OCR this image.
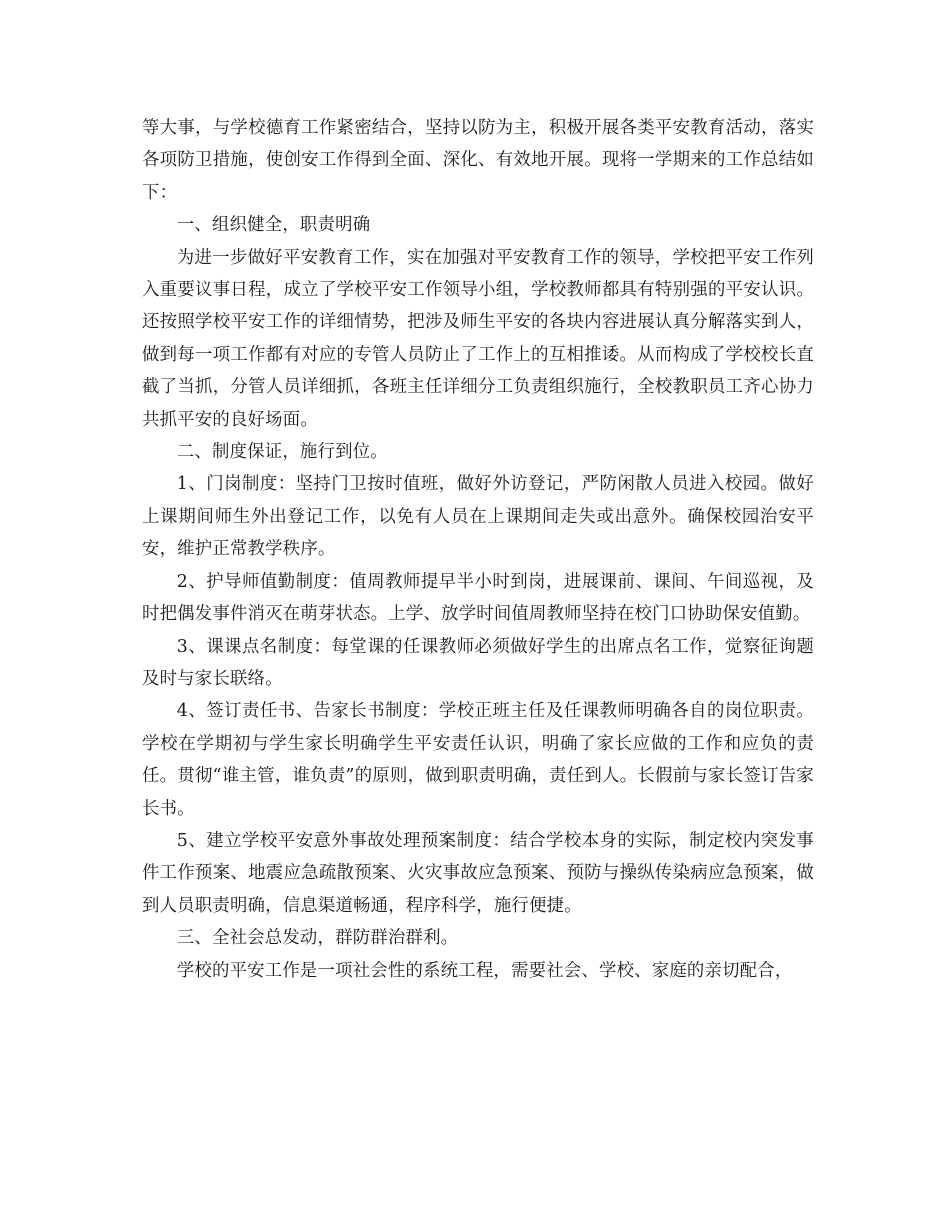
等大事，与学校德育工作紧密结合，坚持以防为主，积极开展各类平安教育活动，落实各项防卫措施，使创安工作得到全面、深化、有效地开展。现将一学期来的工作总结如下：

一、组织健全，职责明确

为进一步做好平安教育工作，实在加强对平安教育工作的领导，学校把平安工作列入重要议事日程，成立了学校平安工作领导小组，学校教师都具有特别强的平安认识。还按照学校平安工作的详细情势，把涉及师生平安的各块内容进展认真分解落实到人，做到每一项工作都有对应的专管人员防止了工作上的互相推诿。从而构成了学校校长直截了当抓，分管人员详细抓，各班主任详细分工负责组织施行，全校教职员工齐心协力共抓平安的良好场面。

二、制度保证，施行到位。

1、门岗制度：坚持门卫按时值班，做好外访登记，严防闲散人员进入校园。做好上课期间师生外出登记工作，以免有人员在上课期间走失或出意外。确保校园治安平安，维护正常教学秩序。

2、护导师值勤制度：值周教师提早半小时到岗，进展课前、课间、午间巡视，及时把偶发事件消灭在萌芽状态。上学、放学时间值周教师坚持在校门口协助保安值勤。

3、课课点名制度：每堂课的任课教师必须做好学生的出席点名工作，觉察征询题及时与家长联络。

4、签订责任书、告家长书制度：学校正班主任及任课教师明确各自的岗位职责。学校在学期初与学生家长明确学生平安责任认识，明确了家长应做的工作和应负的责任。贯彻“谁主管，谁负责”的原则，做到职责明确，责任到人。长假前与家长签订告家长书。

5、建立学校平安意外事故处理预案制度：结合学校本身的实际，制定校内突发事件工作预案、地震应急疏散预案、火灾事故应急预案、预防与操纵传染病应急预案，做到人员职责明确，信息渠道畅通，程序科学，施行便捷。

三、全社会总发动，群防群治群利。

学校的平安工作是一项社会性的系统工程，需要社会、学校、家庭的亲切配合，
